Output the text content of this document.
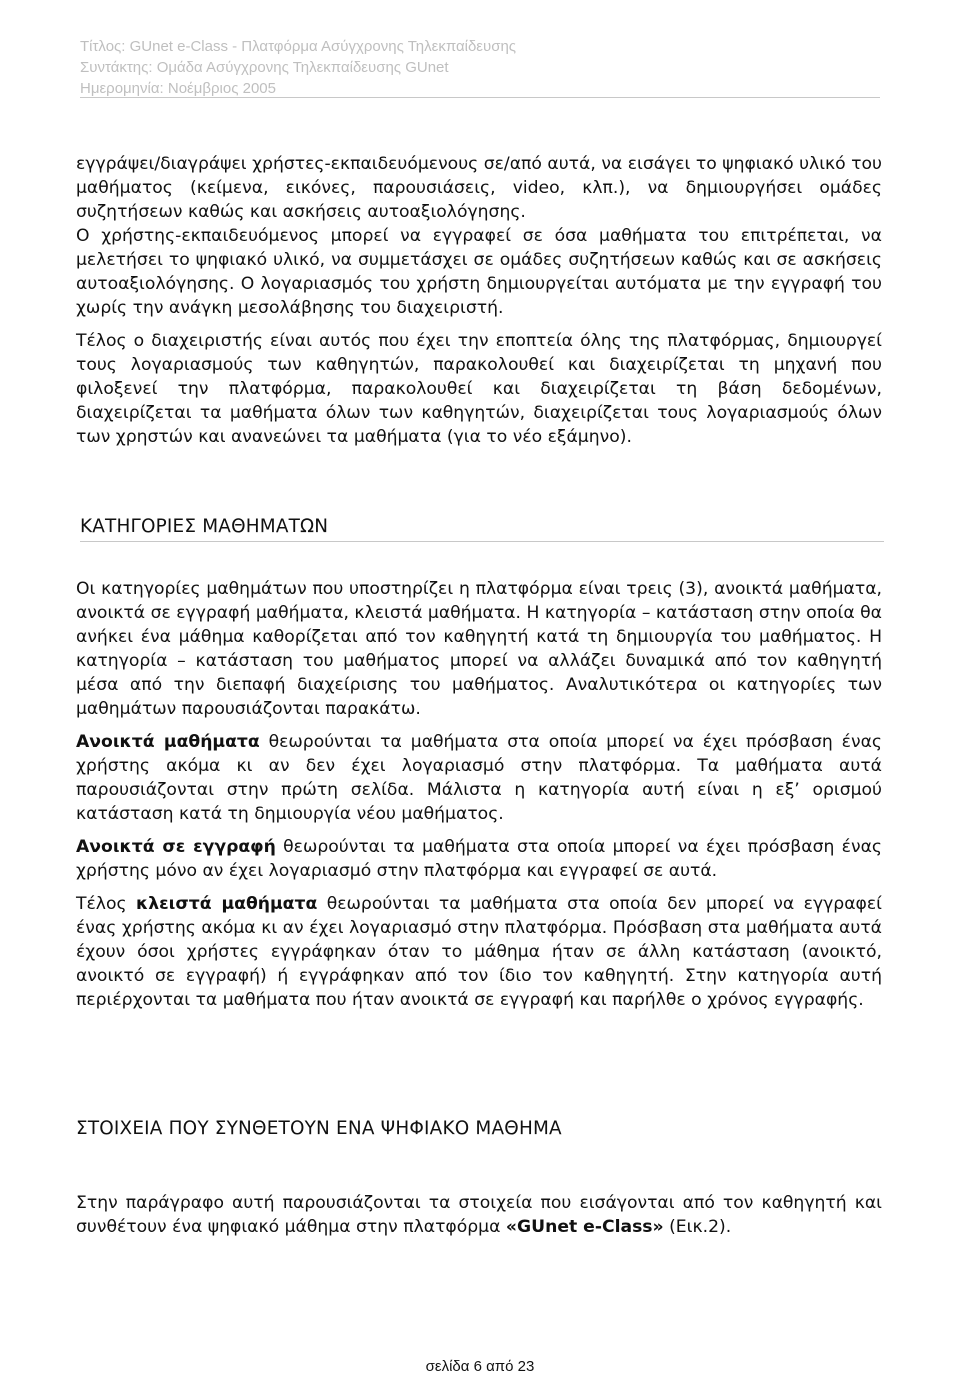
Τίτλος: GUnet e-Class - Πλατφόρμα Ασύγχρονης Τηλεκπαίδευσης
Συντάκτης: Ομάδα Ασύγχρονης Τηλεκπαίδευσης GUnet
Ημερομηνία: Νοέμβριος 2005

εγγράψει/διαγράψει χρήστες-εκπαιδευόμενους σε/από αυτά, να εισάγει το ψηφιακό υλικό του μαθήματος (κείμενα, εικόνες, παρουσιάσεις, video, κλπ.), να δημιουργήσει ομάδες συζητήσεων καθώς και ασκήσεις αυτοαξιολόγησης.

Ο χρήστης-εκπαιδευόμενος μπορεί να εγγραφεί σε όσα μαθήματα του επιτρέπεται, να μελετήσει το ψηφιακό υλικό, να συμμετάσχει σε ομάδες συζητήσεων καθώς και σε ασκήσεις αυτοαξιολόγησης. Ο λογαριασμός του χρήστη δημιουργείται αυτόματα με την εγγραφή του χωρίς την ανάγκη μεσολάβησης του διαχειριστή.

Τέλος ο διαχειριστής είναι αυτός που έχει την εποπτεία όλης της πλατφόρμας, δημιουργεί τους λογαριασμούς των καθηγητών, παρακολουθεί και διαχειρίζεται τη μηχανή που φιλοξενεί την πλατφόρμα, παρακολουθεί και διαχειρίζεται τη βάση δεδομένων, διαχειρίζεται τα μαθήματα όλων των καθηγητών, διαχειρίζεται τους λογαριασμούς όλων των χρηστών και ανανεώνει τα μαθήματα (για το νέο εξάμηνο).

ΚΑΤΗΓΟΡΙΕΣ ΜΑΘΗΜΑΤΩΝ

Οι κατηγορίες μαθημάτων που υποστηρίζει η πλατφόρμα είναι τρεις (3), ανοικτά μαθήματα, ανοικτά σε εγγραφή μαθήματα, κλειστά μαθήματα. Η κατηγορία – κατάσταση στην οποία θα ανήκει ένα μάθημα καθορίζεται από τον καθηγητή κατά τη δημιουργία του μαθήματος. Η κατηγορία – κατάσταση του μαθήματος μπορεί να αλλάζει δυναμικά από τον καθηγητή μέσα από την διεπαφή διαχείρισης του μαθήματος. Αναλυτικότερα οι κατηγορίες των μαθημάτων παρουσιάζονται παρακάτω.

Ανοικτά μαθήματα θεωρούνται τα μαθήματα στα οποία μπορεί να έχει πρόσβαση ένας χρήστης ακόμα κι αν δεν έχει λογαριασμό στην πλατφόρμα. Τα μαθήματα αυτά παρουσιάζονται στην πρώτη σελίδα. Μάλιστα η κατηγορία αυτή είναι η εξ’ ορισμού κατάσταση κατά τη δημιουργία νέου μαθήματος.

Ανοικτά σε εγγραφή θεωρούνται τα μαθήματα στα οποία μπορεί να έχει πρόσβαση ένας χρήστης μόνο αν έχει λογαριασμό στην πλατφόρμα και εγγραφεί σε αυτά.

Τέλος κλειστά μαθήματα θεωρούνται τα μαθήματα στα οποία δεν μπορεί να εγγραφεί ένας χρήστης ακόμα κι αν έχει λογαριασμό στην πλατφόρμα. Πρόσβαση στα μαθήματα αυτά έχουν όσοι χρήστες εγγράφηκαν όταν το μάθημα ήταν σε άλλη κατάσταση (ανοικτό, ανοικτό σε εγγραφή) ή εγγράφηκαν από τον ίδιο τον καθηγητή. Στην κατηγορία αυτή περιέρχονται τα μαθήματα που ήταν ανοικτά σε εγγραφή και παρήλθε ο χρόνος εγγραφής.

ΣΤΟΙΧΕΙΑ ΠΟΥ ΣΥΝΘΕΤΟΥΝ ΕΝΑ ΨΗΦΙΑΚΟ ΜΑΘΗΜΑ

Στην παράγραφο αυτή παρουσιάζονται τα στοιχεία που εισάγονται από τον καθηγητή και συνθέτουν ένα ψηφιακό μάθημα στην πλατφόρμα «GUnet e-Class» (Εικ.2).

σελίδα 6 από 23
